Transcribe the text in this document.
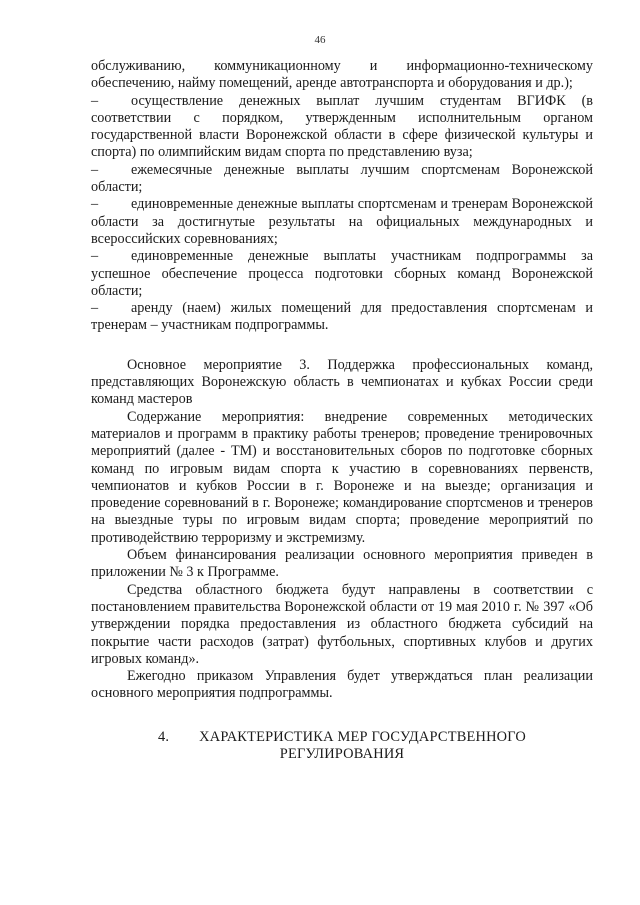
46

обслуживанию, коммуникационному и информационно-техническому обеспечению, найму помещений, аренде автотранспорта и оборудования и др.);

– осуществление денежных выплат лучшим студентам ВГИФК (в соответствии с порядком, утвержденным исполнительным органом государственной власти Воронежской области в сфере физической культуры и спорта) по олимпийским видам спорта по представлению вуза;

– ежемесячные денежные выплаты лучшим спортсменам Воронежской области;

– единовременные денежные выплаты спортсменам и тренерам Воронежской области за достигнутые результаты на официальных международных и всероссийских соревнованиях;

– единовременные денежные выплаты участникам подпрограммы за успешное обеспечение процесса подготовки сборных команд Воронежской области;

– аренду (наем) жилых помещений для предоставления спортсменам и тренерам – участникам подпрограммы.

Основное мероприятие 3. Поддержка профессиональных команд, представляющих Воронежскую область в чемпионатах и кубках России среди команд мастеров

Содержание мероприятия: внедрение современных методических материалов и программ в практику работы тренеров; проведение тренировочных мероприятий (далее - ТМ) и восстановительных сборов по подготовке сборных команд по игровым видам спорта к участию в соревнованиях первенств, чемпионатов и кубков России в г. Воронеже и на выезде; организация и проведение соревнований в г. Воронеже; командирование спортсменов и тренеров на выездные туры по игровым видам спорта; проведение мероприятий по противодействию терроризму и экстремизму.

Объем финансирования реализации основного мероприятия приведен в приложении № 3 к Программе.

Средства областного бюджета будут направлены в соответствии с постановлением правительства Воронежской области от 19 мая 2010 г. № 397 «Об утверждении порядка предоставления из областного бюджета субсидий на покрытие части расходов (затрат) футбольных, спортивных клубов и других игровых команд».

Ежегодно приказом Управления будет утверждаться план реализации основного мероприятия подпрограммы.

4. ХАРАКТЕРИСТИКА МЕР ГОСУДАРСТВЕННОГО
РЕГУЛИРОВАНИЯ
